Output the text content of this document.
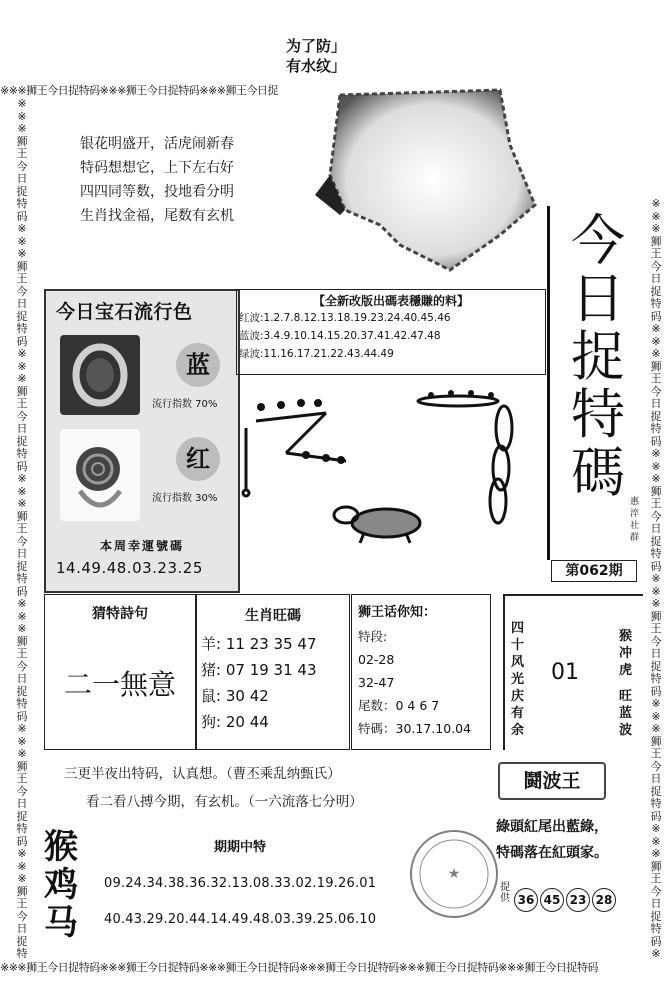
※※※狮王今日捉特码※※※狮王今日捉特码※※※狮王今日捉
※※※狮王今日捉特码※※※狮王今日捉特码※※※狮王今日捉特码※※※狮王今日捉特码※※※狮王今日捉特码※※※狮王今日捉特码
※※※狮王今日捉特码※※※狮王今日捉特码※※※狮王今日捉特码※※※狮王今日捉特码※※※狮王今日捉特码※※※狮王今日捉特码※※※狮王今日捉特
※※※狮王今日捉特码※※※狮王今日捉特码※※※狮王今日捉特码※※※狮王今日捉特码※※※狮王今日捉特码※※※狮王今日捉特码※
为了防」
有水纹」
银花明盛开，活虎闹新春
特码想想它，上下左右好
四四同等数，投地看分明
生肖找金福，尾数有玄机	今日捉特碼 惠 淬 社 群
第062期
今日宝石流行色
蓝
流行指数 70%
红
流行指数 30%
本周幸運號碼
14.49.48.03.23.25
【全新改版出碼表穩賺的料】
红波:1.2.7.8.12.13.18.19.23.24.40.45.46
蓝波:3.4.9.10.14.15.20.37.41.42.47.48
绿波:11.16.17.21.22.43.44.49
猜特詩句
二一無意
生肖旺碼
羊: 11 23 35 47
猪: 07 19 31 43
鼠: 30 42
狗: 20 44
狮王话你知：
特段:
02-28
32-47
尾数：0 4 6 7
特碼：30.17.10.04
四十风光庆有余
01
猴冲虎
旺蓝波
三更半夜出特码，认真想。（曹丕乘乱纳甄氏）
看二看八搏今期，有玄机。（一六流落七分明）
鬪波王
綠頭紅尾出藍綠，
特碼落在紅頭家。
提供 36 45 23 28
★
猴鸡马
期期中特
09.24.34.38.36.32.13.08.33.02.19.26.01
40.43.29.20.44.14.49.48.03.39.25.06.10
